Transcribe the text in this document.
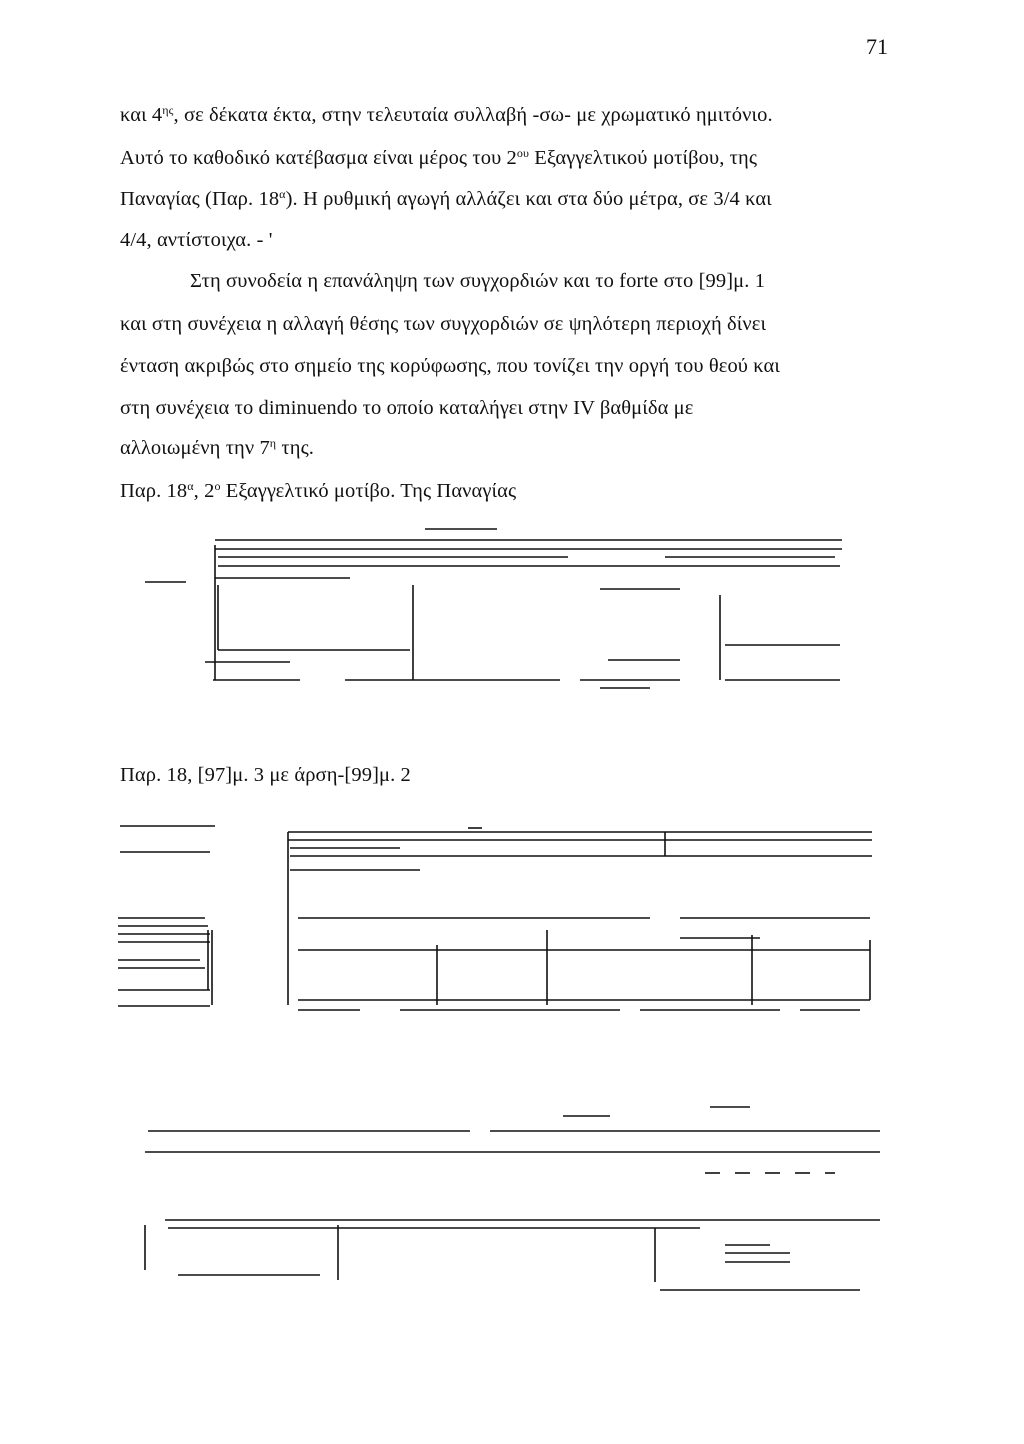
71
και $4^{\eta\varsigma}$, σε δέκατα έκτα, στην τελευταία συλλαβή -σω- με χρωματικό ημιτόνιο.
Αυτό το καθοδικό κατέβασμα είναι μέρος του $2^{o\upsilon}$ Εξαγγελτικού μοτίβου, της
Παναγίας (Παρ. $18^\alpha$). Η ρυθμική αγωγή αλλάζει και στα δύο μέτρα, σε 3/4 και
4/4, αντίστοιχα. - '
Στη συνοδεία η επανάληψη των συγχορδιών και το forte στο [99]μ. 1
και στη συνέχεια η αλλαγή θέσης των συγχορδιών σε ψηλότερη περιοχή δίνει
ένταση ακριβώς στο σημείο της κορύφωσης, που τονίζει την οργή του θεού και
στη συνέχεια το diminuendo το οποίο καταλήγει στην IV βαθμίδα με
αλλοιωμένη την $7^\eta$ της.
Παρ. $18^\alpha$, $2^o$ Εξαγγελτικό μοτίβο. Της Παναγίας
Παρ. 18, [97]μ. 3 με άρση-[99]μ. 2
